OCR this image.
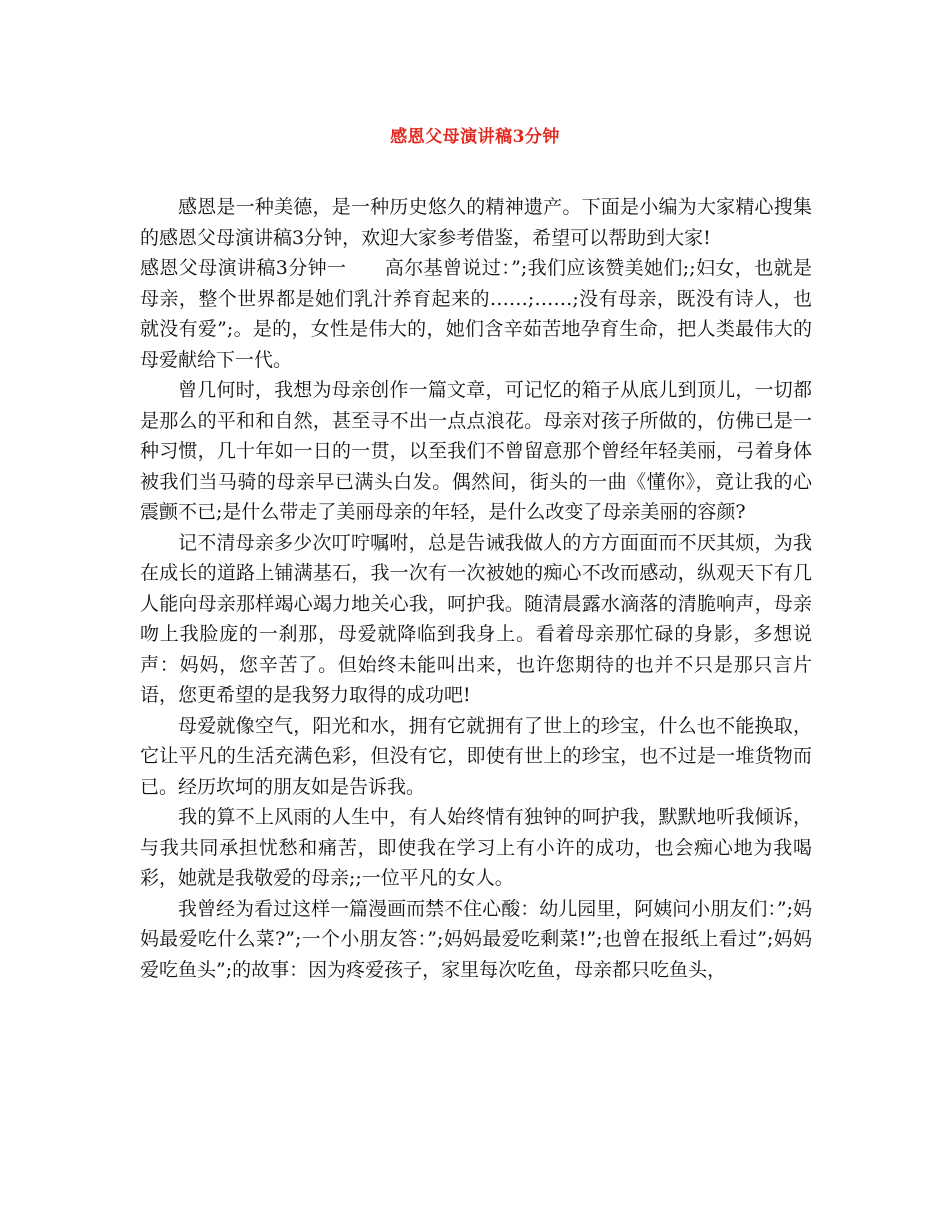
感恩父母演讲稿3分钟

感恩是一种美德，是一种历史悠久的精神遗产。下面是小编为大家精心搜集的感恩父母演讲稿3分钟，欢迎大家参考借鉴，希望可以帮助到大家!

感恩父母演讲稿3分钟一 高尔基曾说过：”;我们应该赞美她们;;妇女，也就是母亲，整个世界都是她们乳汁养育起来的……;……;没有母亲，既没有诗人，也就没有爱”;。是的，女性是伟大的，她们含辛茹苦地孕育生命，把人类最伟大的母爱献给下一代。

曾几何时，我想为母亲创作一篇文章，可记忆的箱子从底儿到顶儿，一切都是那么的平和和自然，甚至寻不出一点点浪花。母亲对孩子所做的，仿佛已是一种习惯，几十年如一日的一贯，以至我们不曾留意那个曾经年轻美丽，弓着身体被我们当马骑的母亲早已满头白发。偶然间，街头的一曲《懂你》，竟让我的心震颤不已;是什么带走了美丽母亲的年轻，是什么改变了母亲美丽的容颜?

记不清母亲多少次叮咛嘱咐，总是告诫我做人的方方面面而不厌其烦，为我在成长的道路上铺满基石，我一次有一次被她的痴心不改而感动，纵观天下有几人能向母亲那样竭心竭力地关心我，呵护我。随清晨露水滴落的清脆响声，母亲吻上我脸庞的一刹那，母爱就降临到我身上。看着母亲那忙碌的身影，多想说声：妈妈，您辛苦了。但始终未能叫出来，也许您期待的也并不只是那只言片语，您更希望的是我努力取得的成功吧!

母爱就像空气，阳光和水，拥有它就拥有了世上的珍宝，什么也不能换取，它让平凡的生活充满色彩，但没有它，即使有世上的珍宝，也不过是一堆货物而已。经历坎坷的朋友如是告诉我。

我的算不上风雨的人生中，有人始终情有独钟的呵护我，默默地听我倾诉，与我共同承担忧愁和痛苦，即使我在学习上有小许的成功，也会痴心地为我喝彩，她就是我敬爱的母亲;;一位平凡的女人。

我曾经为看过这样一篇漫画而禁不住心酸：幼儿园里，阿姨问小朋友们：”;妈妈最爱吃什么菜?”;一个小朋友答：”;妈妈最爱吃剩菜!”;也曾在报纸上看过”;妈妈爱吃鱼头”;的故事：因为疼爱孩子，家里每次吃鱼，母亲都只吃鱼头，
